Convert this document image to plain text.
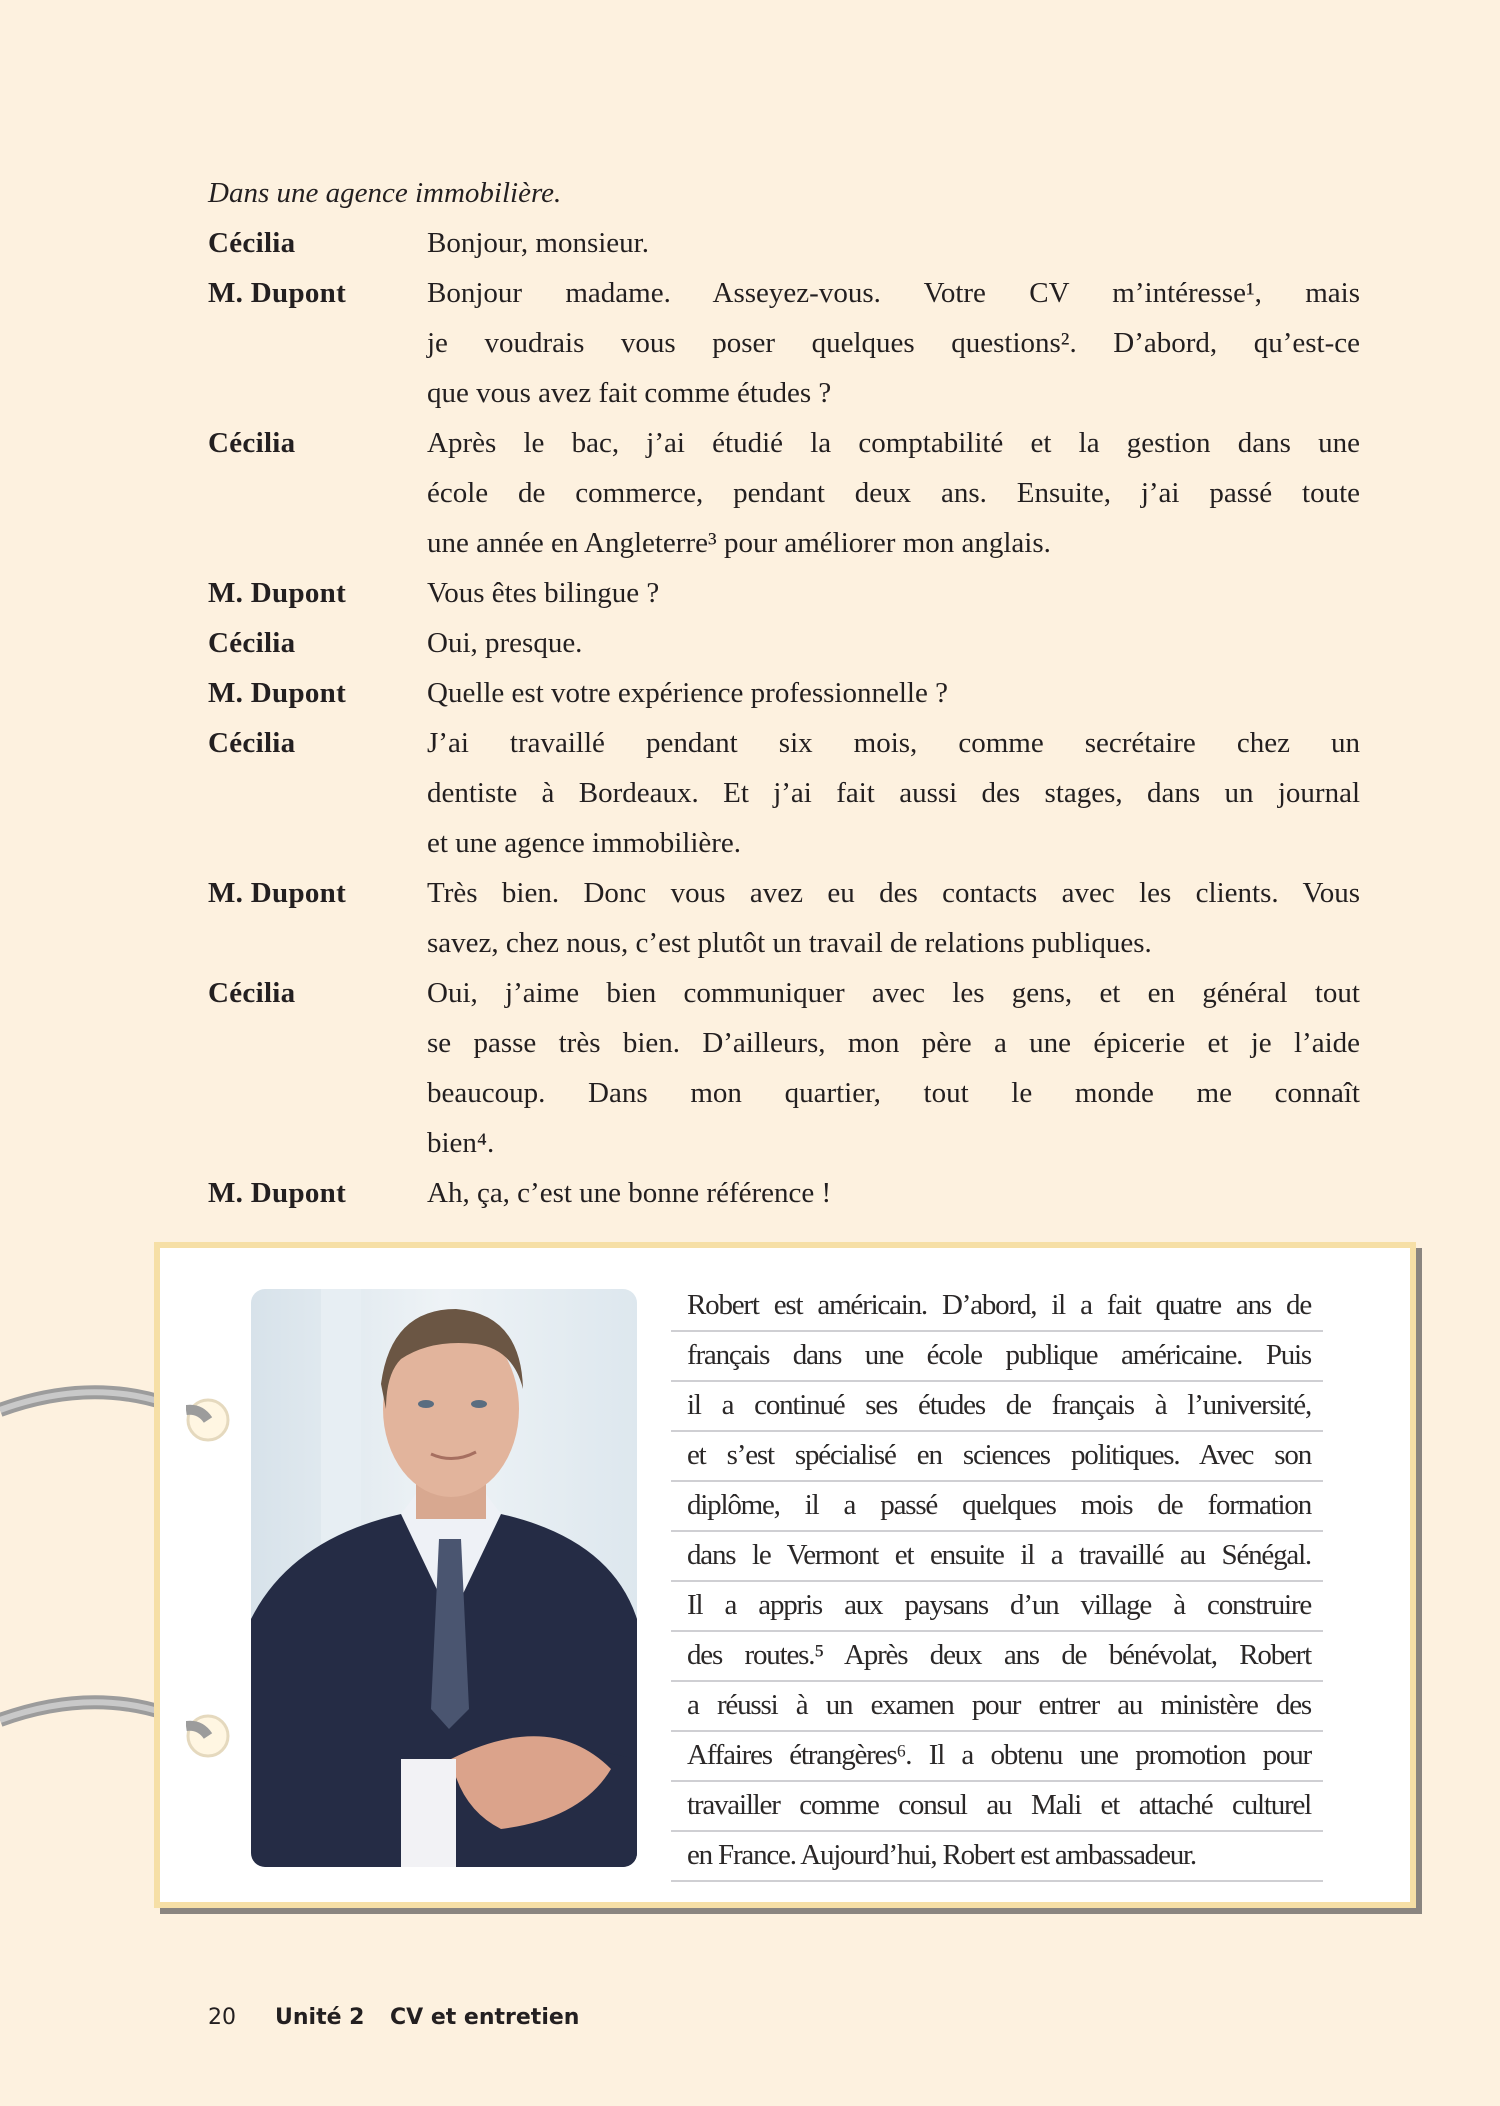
Dans une agence immobilière.
Cécilia	Bonjour, monsieur.
M. Dupont	Bonjour madame. Asseyez-vous. Votre CV m’intéresse¹, mais
je voudrais vous poser quelques questions². D’abord, qu’est-ce
que vous avez fait comme études ?
Cécilia	Après le bac, j’ai étudié la comptabilité et la gestion dans une
école de commerce, pendant deux ans. Ensuite, j’ai passé toute
une année en Angleterre³ pour améliorer mon anglais.
M. Dupont	Vous êtes bilingue ?
Cécilia	Oui, presque.
M. Dupont	Quelle est votre expérience professionnelle ?
Cécilia	J’ai travaillé pendant six mois, comme secrétaire chez un
dentiste à Bordeaux. Et j’ai fait aussi des stages, dans un journal
et une agence immobilière.
M. Dupont	Très bien. Donc vous avez eu des contacts avec les clients. Vous
savez, chez nous, c’est plutôt un travail de relations publiques.
Cécilia	Oui, j’aime bien communiquer avec les gens, et en général tout
se passe très bien. D’ailleurs, mon père a une épicerie et je l’aide
beaucoup. Dans mon quartier, tout le monde me connaît
bien⁴.
M. Dupont	Ah, ça, c’est une bonne référence !
Robert est américain. D’abord, il a fait quatre ans de
français dans une école publique américaine. Puis
il a continué ses études de français à l’université,
et s’est spécialisé en sciences politiques. Avec son
diplôme, il a passé quelques mois de formation
dans le Vermont et ensuite il a travaillé au Sénégal.
Il a appris aux paysans d’un village à construire
des routes.⁵ Après deux ans de bénévolat, Robert
a réussi à un examen pour entrer au ministère des
Affaires étrangères⁶. Il a obtenu une promotion pour
travailler comme consul au Mali et attaché culturel
en France. Aujourd’hui, Robert est ambassadeur.
20 Unité 2 CV et entretien
